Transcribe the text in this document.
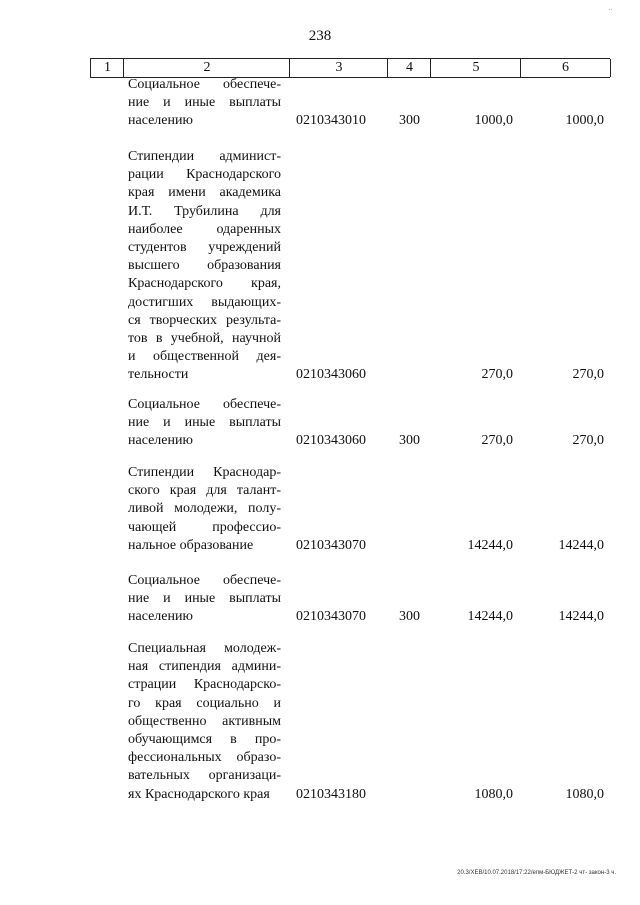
..
238
1	2	3	4	5	6
Социальное обеспече-
ние и иные выплаты
населению	0210343010 300	1000,0	1000,0
Стипендии админист-
рации Краснодарского
края имени академика
И.Т. Трубилина для
наиболее одаренных
студентов учреждений
высшего образования
Краснодарского края,
достигших выдающих-
ся творческих результа-
тов в учебной, научной
и общественной дея-
тельности	0210343060	270,0	270,0
Социальное обеспече-
ние и иные выплаты
населению	0210343060 300	270,0	270,0
Стипендии Краснодар-
ского края для талант-
ливой молодежи, полу-
чающей профессио-
нальное образование	0210343070	14244,0	14244,0
Социальное обеспече-
ние и иные выплаты
населению	0210343070 300	14244,0	14244,0
Специальная молодеж-
ная стипендия админи-
страции Краснодарско-
го края социально и
общественно активным
обучающимся в про-
фессиональных образо-
вательных организаци-
ях Краснодарского края	0210343180	1080,0	1080,0
20.3/ХЕВ/10.07.2018/17:22/епм-БЮДЖЕТ-2 чт- закон-3 ч.
